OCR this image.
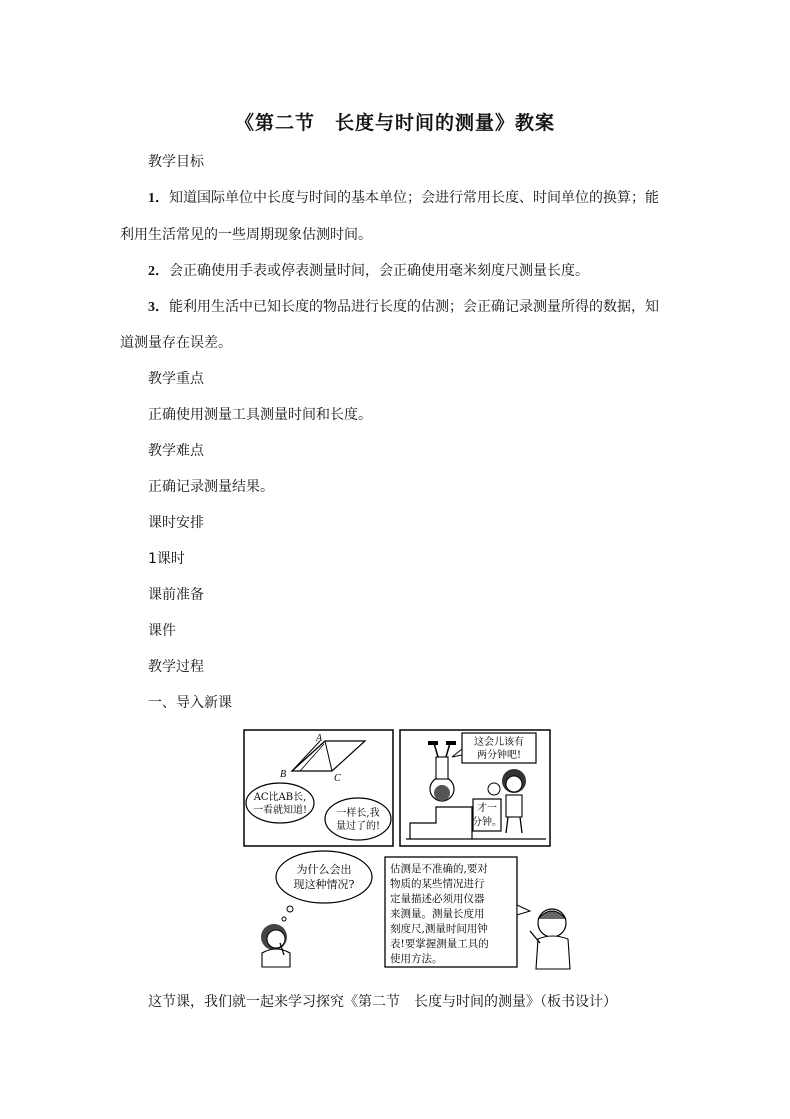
《第二节　长度与时间的测量》教案
教学目标
1．知道国际单位中长度与时间的基本单位；会进行常用长度、时间单位的换算；能
利用生活常见的一些周期现象估测时间。
2．会正确使用手表或停表测量时间，会正确使用毫米刻度尺测量长度。
3．能利用生活中已知长度的物品进行长度的估测；会正确记录测量所得的数据，知
道测量存在误差。
教学重点
正确使用测量工具测量时间和长度。
教学难点
正确记录测量结果。
课时安排
1课时
课前准备
课件
教学过程
一、导入新课
A
B	C
AC比AB长,
一看就知道!	一样长,我
量过了的!
这会儿该有
两分钟吧!
才一
分钟。
为什么会出
现这种情况?
估测是不准确的,要对
物质的某些情况进行
定量描述必须用仪器
来测量。测量长度用
刻度尺,测量时间用钟
表!要掌握测量工具的
使用方法。
这节课，我们就一起来学习探究《第二节　长度与时间的测量》（板书设计）
